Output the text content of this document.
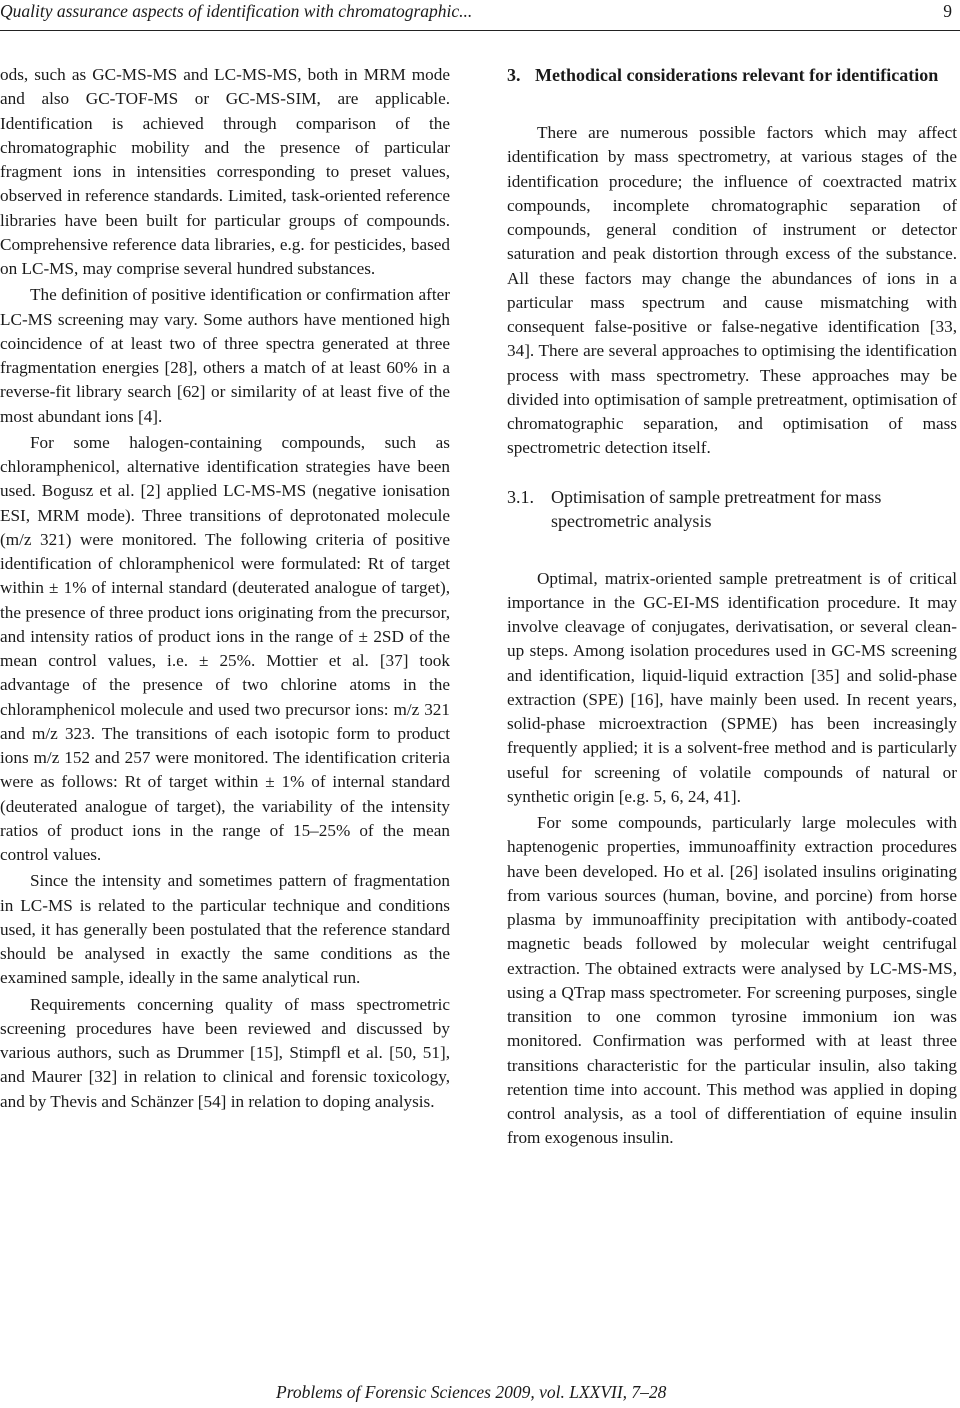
Quality assurance aspects of identification with chromatographic...	9

ods, such as GC-MS-MS and LC-MS-MS, both in MRM mode and also GC-TOF-MS or GC-MS-SIM, are applicable. Identification is achieved through comparison of the chromatographic mobility and the presence of particular fragment ions in intensities corresponding to preset values, observed in reference standards. Limited, task-oriented reference libraries have been built for particular groups of compounds. Comprehensive reference data libraries, e.g. for pesticides, based on LC-MS, may comprise several hundred substances.

The definition of positive identification or confirmation after LC-MS screening may vary. Some authors have mentioned high coincidence of at least two of three spectra generated at three fragmentation energies [28], others a match of at least 60% in a reverse-fit library search [62] or similarity of at least five of the most abundant ions [4].

For some halogen-containing compounds, such as chloramphenicol, alternative identification strategies have been used. Bogusz et al. [2] applied LC-MS-MS (negative ionisation ESI, MRM mode). Three transitions of deprotonated molecule (m/z 321) were monitored. The following criteria of positive identification of chloramphenicol were formulated: Rt of target within ± 1% of internal standard (deuterated analogue of target), the presence of three product ions originating from the precursor, and intensity ratios of product ions in the range of ± 2SD of the mean control values, i.e. ± 25%. Mottier et al. [37] took advantage of the presence of two chlorine atoms in the chloramphenicol molecule and used two precursor ions: m/z 321 and m/z 323. The transitions of each isotopic form to product ions m/z 152 and 257 were monitored. The identification criteria were as follows: Rt of target within ± 1% of internal standard (deuterated analogue of target), the variability of the intensity ratios of product ions in the range of 15–25% of the mean control values.

Since the intensity and sometimes pattern of fragmentation in LC-MS is related to the particular technique and conditions used, it has generally been postulated that the reference standard should be analysed in exactly the same conditions as the examined sample, ideally in the same analytical run.

Requirements concerning quality of mass spectrometric screening procedures have been reviewed and discussed by various authors, such as Drummer [15], Stimpfl et al. [50, 51], and Maurer [32] in relation to clinical and forensic toxicology, and by Thevis and Schänzer [54] in relation to doping analysis.

3. Methodical considerations relevant for identification

There are numerous possible factors which may affect identification by mass spectrometry, at various stages of the identification procedure; the influence of coextracted matrix compounds, incomplete chromatographic separation of compounds, general condition of instrument or detector saturation and peak distortion through excess of the substance. All these factors may change the abundances of ions in a particular mass spectrum and cause mismatching with consequent false-positive or false-negative identification [33, 34]. There are several approaches to optimising the identification process with mass spectrometry. These approaches may be divided into optimisation of sample pretreatment, optimisation of chromatographic separation, and optimisation of mass spectrometric detection itself.

3.1. Optimisation of sample pretreatment for mass spectrometric analysis

Optimal, matrix-oriented sample pretreatment is of critical importance in the GC-EI-MS identification procedure. It may involve cleavage of conjugates, derivatisation, or several clean-up steps. Among isolation procedures used in GC-MS screening and identification, liquid-liquid extraction [35] and solid-phase extraction (SPE) [16], have mainly been used. In recent years, solid-phase microextraction (SPME) has been increasingly frequently applied; it is a solvent-free method and is particularly useful for screening of volatile compounds of natural or synthetic origin [e.g. 5, 6, 24, 41].

For some compounds, particularly large molecules with haptenogenic properties, immunoaffinity extraction procedures have been developed. Ho et al. [26] isolated insulins originating from various sources (human, bovine, and porcine) from horse plasma by immunoaffinity precipitation with antibody-coated magnetic beads followed by molecular weight centrifugal extraction. The obtained extracts were analysed by LC-MS-MS, using a QTrap mass spectrometer. For screening purposes, single transition to one common tyrosine immonium ion was monitored. Confirmation was performed with at least three transitions characteristic for the particular insulin, also taking retention time into account. This method was applied in doping control analysis, as a tool of differentiation of equine insulin from exogenous insulin.

Problems of Forensic Sciences 2009, vol. LXXVII, 7–28
